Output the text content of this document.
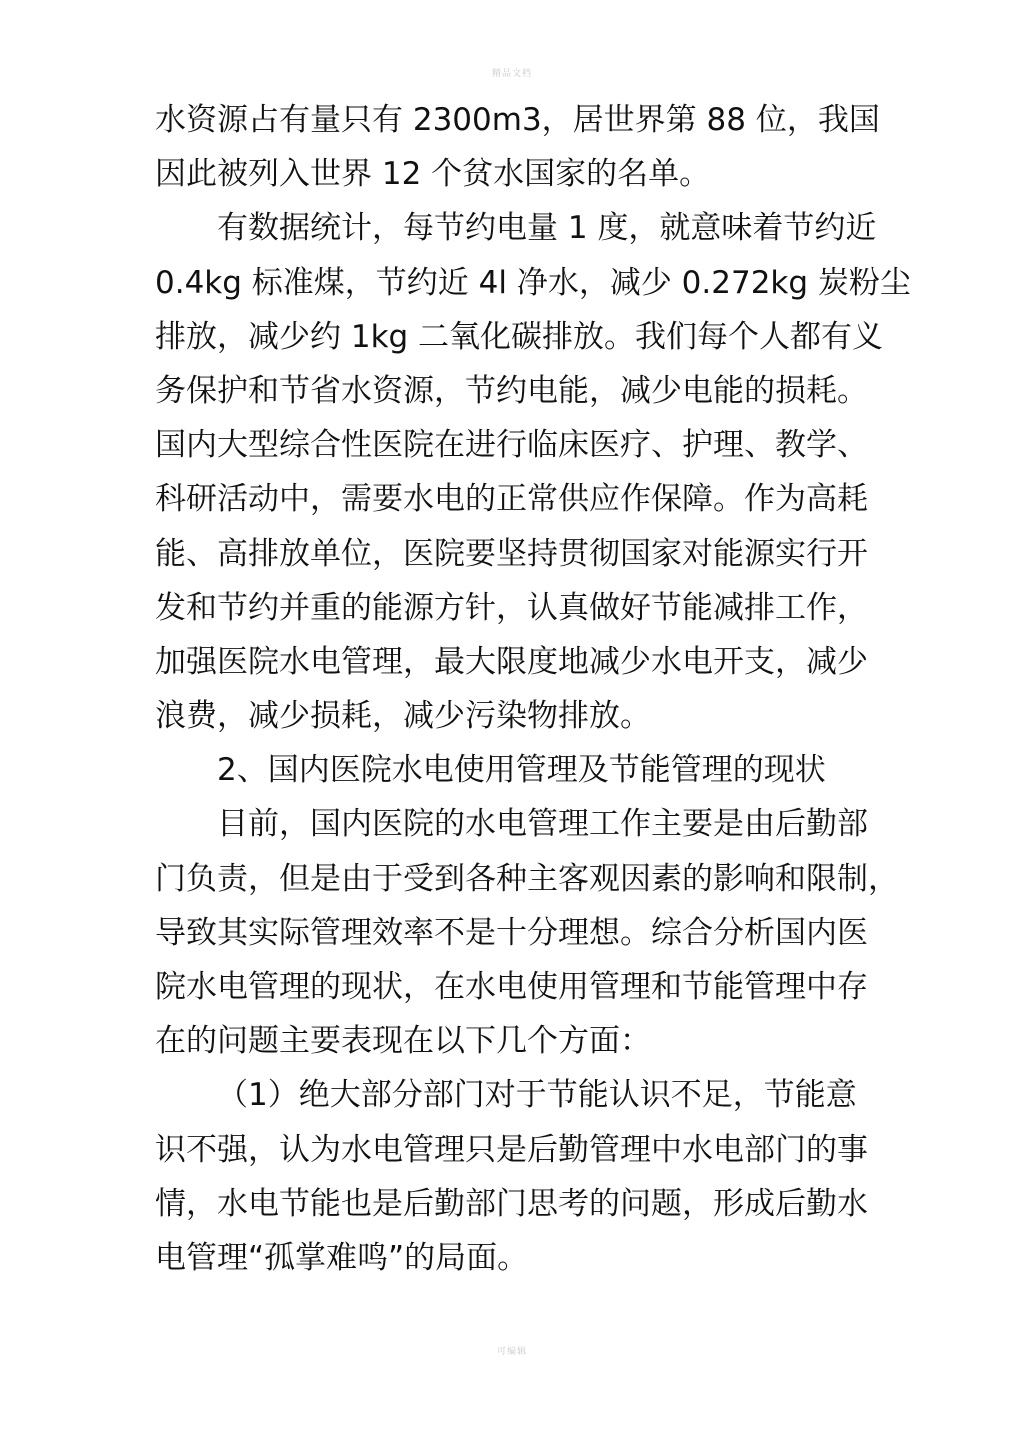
精品文档
水资源占有量只有 2300m3，居世界第 88 位，我国
因此被列入世界 12 个贫水国家的名单。
有数据统计，每节约电量 1 度，就意味着节约近
0.4kg 标准煤，节约近 4l 净水，减少 0.272kg 炭粉尘
排放，减少约 1kg 二氧化碳排放。我们每个人都有义
务保护和节省水资源，节约电能，减少电能的损耗。
国内大型综合性医院在进行临床医疗、护理、教学、
科研活动中，需要水电的正常供应作保障。作为高耗
能、高排放单位，医院要坚持贯彻国家对能源实行开
发和节约并重的能源方针，认真做好节能减排工作，
加强医院水电管理，最大限度地减少水电开支，减少
浪费，减少损耗，减少污染物排放。
2、国内医院水电使用管理及节能管理的现状
目前，国内医院的水电管理工作主要是由后勤部
门负责，但是由于受到各种主客观因素的影响和限制，
导致其实际管理效率不是十分理想。综合分析国内医
院水电管理的现状，在水电使用管理和节能管理中存
在的问题主要表现在以下几个方面：
（1）绝大部分部门对于节能认识不足，节能意
识不强，认为水电管理只是后勤管理中水电部门的事
情，水电节能也是后勤部门思考的问题，形成后勤水
电管理“孤掌难鸣”的局面。
可编辑
